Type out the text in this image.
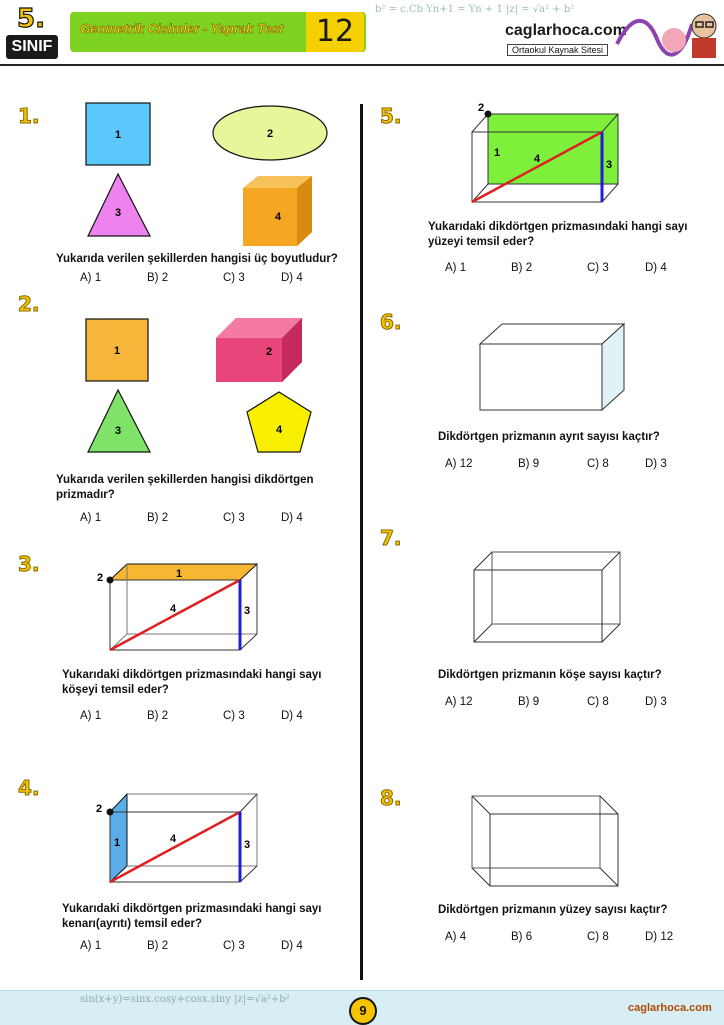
5.
SINIF
Geometrik Cisimler - Yaprak Test	12
b² = c.Cb Yn+1 = Yn + 1 |z| = √a² + b²
caglarhoca.com
Ortaokul Kaynak Sitesi
1.
1	2
3	4
Yukarıda verilen şekillerden hangisi üç boyutludur?
A) 1	B) 2	C) 3	D) 4
2.
1	2
3	4
Yukarıda verilen şekillerden hangisi dikdörtgen prizmadır?
A) 1	B) 2	C) 3	D) 4
3.
2	1
4	3
Yukarıdaki dikdörtgen prizmasındaki hangi sayı köşeyi temsil eder?
A) 1	B) 2	C) 3	D) 4
4.
2
1	4	3
Yukarıdaki dikdörtgen prizmasındaki hangi sayı kenarı(ayrıtı) temsil eder?
A) 1	B) 2	C) 3	D) 4
5.	2
1	4	3
Yukarıdaki dikdörtgen prizmasındaki hangi sayı yüzeyi temsil eder?
A) 1	B) 2	C) 3	D) 4
6.
Dikdörtgen prizmanın ayrıt sayısı kaçtır?
A) 12	B) 9	C) 8	D) 3
7.
Dikdörtgen prizmanın köşe sayısı kaçtır?
A) 12	B) 9	C) 8	D) 3
8.
Dikdörtgen prizmanın yüzey sayısı kaçtır?
A) 4	B) 6	C) 8	D) 12
sin(x+y)=sinx.cosy+cosx.siny |z|=√a²+b²
9	caglarhoca.com
